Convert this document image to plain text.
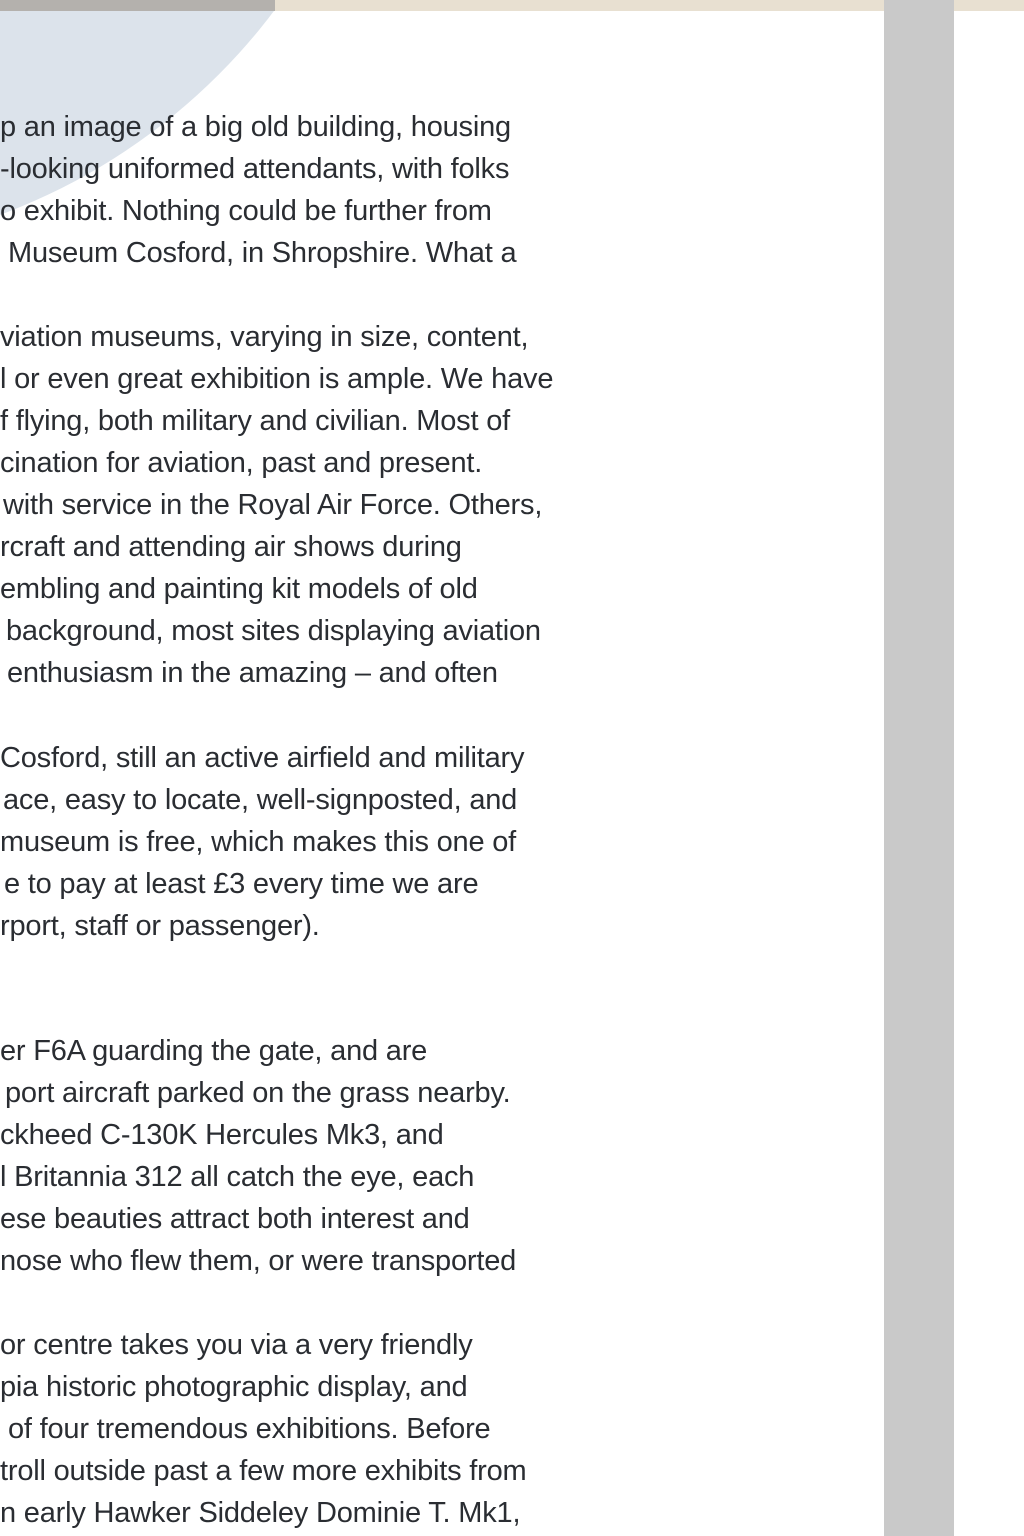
p an image of a big old building, housing
-looking uniformed attendants, with folks
o exhibit. Nothing could be further from
Museum Cosford, in Shropshire. What a
viation museums, varying in size, content,
l or even great exhibition is ample. We have
f flying, both military and civilian. Most of
cination for aviation, past and present.
with service in the Royal Air Force. Others,
rcraft and attending air shows during
embling and painting kit models of old
background, most sites displaying aviation
enthusiasm in the amazing – and often
Cosford, still an active airfield and military
ace, easy to locate, well-signposted, and
museum is free, which makes this one of
e to pay at least £3 every time we are
rport, staff or passenger).
er F6A guarding the gate, and are
port aircraft parked on the grass nearby.
ckheed C-130K Hercules Mk3, and
l Britannia 312 all catch the eye, each
ese beauties attract both interest and
nose who flew them, or were transported
or centre takes you via a very friendly
pia historic photographic display, and
of four tremendous exhibitions. Before
troll outside past a few more exhibits from
n early Hawker Siddeley Dominie T. Mk1,
